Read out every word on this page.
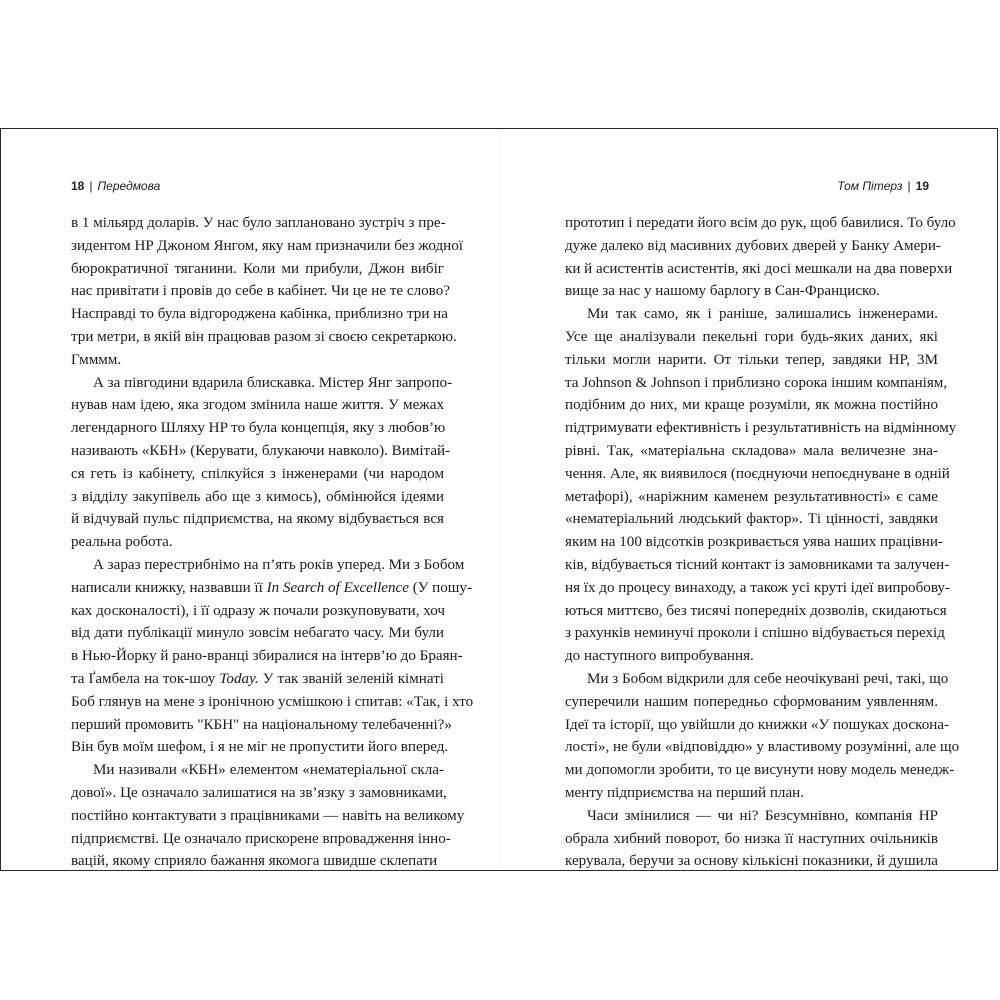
18 | Передмова
в 1 мільярд доларів. У нас було заплановано зустріч з пре-
зидентом HP Джоном Янгом, яку нам призначили без жодної
бюрократичної тяганини. Коли ми прибули, Джон вибіг
нас привітати і провів до себе в кабінет. Чи це не те слово?
Насправді то була відгороджена кабінка, приблизно три на
три метри, в якій він працював разом зі своєю секретаркою.
Гмммм.
А за півгодини вдарила блискавка. Містер Янг запропо-
нував нам ідею, яка згодом змінила наше життя. У межах
легендарного Шляху HP то була концепція, яку з любов’ю
називають «КБН» (Керувати, блукаючи навколо). Вимітай-
ся геть із кабінету, спілкуйся з інженерами (чи народом
з відділу закупівель або ще з кимось), обмінюйся ідеями
й відчувай пульс підприємства, на якому відбувається вся
реальна робота.
А зараз перестрибнімо на п’ять років уперед. Ми з Бобом
написали книжку, назвавши її In Search of Excellence (У пошу-
ках досконалості), і її одразу ж почали розкуповувати, хоч
від дати публікації минуло зовсім небагато часу. Ми були
в Нью-Йорку й рано-вранці збиралися на інтерв’ю до Браян-
та Ґамбела на ток-шоу Today. У так званій зеленій кімнаті
Боб глянув на мене з іронічною усмішкою і спитав: «Так, і хто
перший промовить "КБН" на національному телебаченні?»
Він був моїм шефом, і я не міг не пропустити його вперед.
Ми називали «КБН» елементом «нематеріальної скла-
дової». Це означало залишатися на зв’язку з замовниками,
постійно контактувати з працівниками — навіть на великому
підприємстві. Це означало прискорене впровадження інно-
вацій, якому сприяло бажання якомога швидше склепати
Том Пітерз | 19
прототип і передати його всім до рук, щоб бавилися. То було
дуже далеко від масивних дубових дверей у Банку Амери-
ки й асистентів асистентів, які досі мешкали на два поверхи
вище за нас у нашому барлогу в Сан-Франциско.
Ми так само, як і раніше, залишались інженерами.
Усе ще аналізували пекельні гори будь-яких даних, які
тільки могли нарити. От тільки тепер, завдяки HP, 3M
та Johnson & Johnson і приблизно сорока іншим компаніям,
подібним до них, ми краще розуміли, як можна постійно
підтримувати ефективність і результативність на відмінному
рівні. Так, «матеріальна складова» мала величезне зна-
чення. Але, як виявилося (поєднуючи непоєднуване в одній
метафорі), «наріжним каменем результативності» є саме
«нематеріальний людський фактор». Ті цінності, завдяки
яким на 100 відсотків розкривається уява наших працівни-
ків, відбувається тісний контакт із замовниками та залучен-
ня їх до процесу винаходу, а також усі круті ідеї випробову-
ються миттєво, без тисячі попередніх дозволів, скидаються
з рахунків неминучі проколи і спішно відбувається перехід
до наступного випробування.
Ми з Бобом відкрили для себе неочікувані речі, такі, що
суперечили нашим попередньо сформованим уявленням.
Ідеї та історії, що увійшли до книжки «У пошуках доскона-
лості», не були «відповіддю» у властивому розумінні, але що
ми допомогли зробити, то це висунути нову модель менедж-
менту підприємства на перший план.
Часи змінилися — чи ні? Безсумнівно, компанія HP
обрала хибний поворот, бо низка її наступних очільників
керувала, беручи за основу кількісні показники, й душила
